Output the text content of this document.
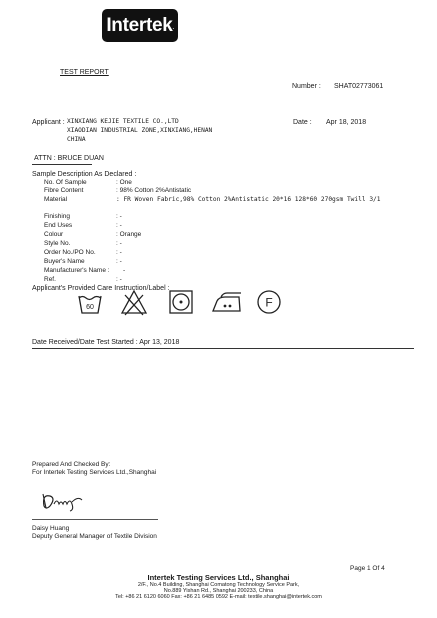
Intertek.
TEST REPORT
Number : SHAT02773061
Applicant : XINXIANG KEJIE TEXTILE CO.,LTD
XIAODIAN INDUSTRIAL ZONE,XINXIANG,HENAN
CHINA
Date : Apr 18, 2018
ATTN : BRUCE DUAN
Sample Description As Declared :
No. Of Sample	: One
Fibre Content	: 98% Cotton 2%Antistatic
Material	: FR Woven Fabric,98% Cotton 2%Antistatic 20*16 128*60 270gsm Twill 3/1
Finishing	: -
End Uses	: -
Colour	: Orange
Style No.	: -
Order No./PO No.	: -
Buyer's Name	: -
Manufacturer's Name : -
Ref.	: -
Applicant's Provided Care Instruction/Label :
60	F
Date Received/Date Test Started : Apr 13, 2018
Prepared And Checked By:
For Intertek Testing Services Ltd.,Shanghai
Daisy Huang
Deputy General Manager of Textile Division
Page 1 Of 4
Intertek Testing Services Ltd., Shanghai
2/F., No.4 Building, Shanghai Comatong Technology Service Park,
No.889 Yishan Rd., Shanghai 200233, China
Tel: +86 21 6120 6060 Fax: +86 21 6485 0592 E-mail: textile.shanghai@intertek.com
